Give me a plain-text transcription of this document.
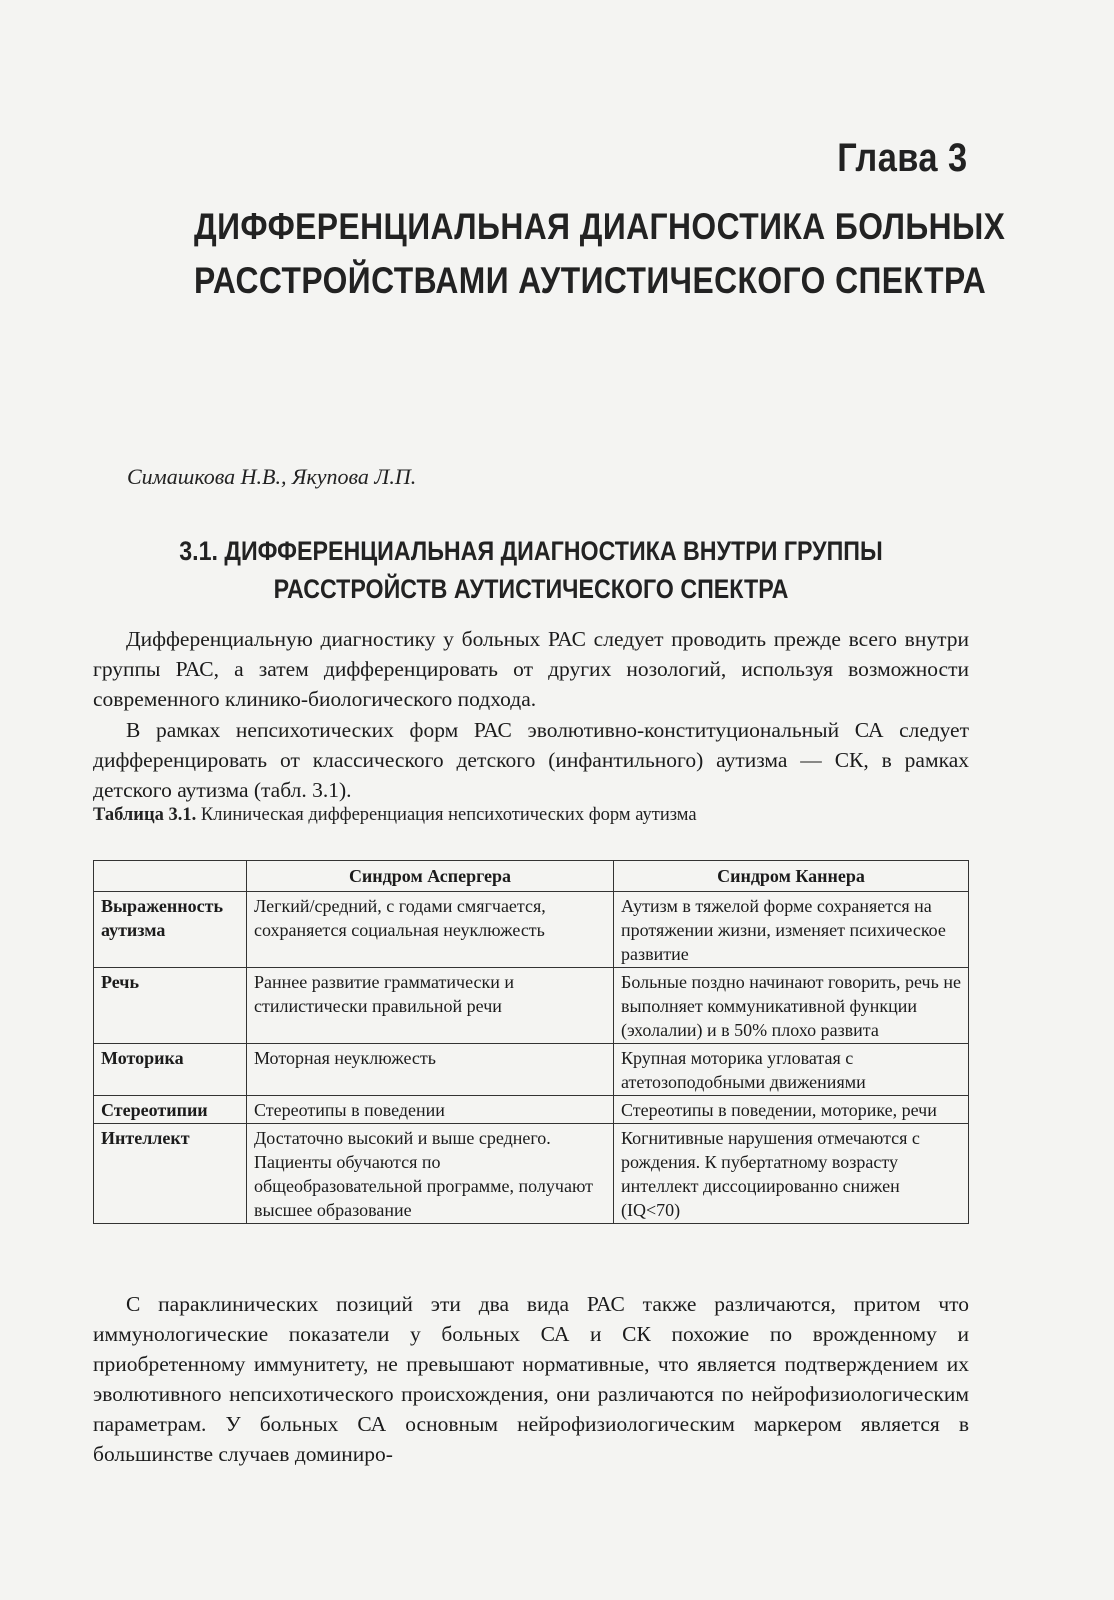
Глава 3
ДИФФЕРЕНЦИАЛЬНАЯ ДИАГНОСТИКА БОЛЬНЫХ
РАССТРОЙСТВАМИ АУТИСТИЧЕСКОГО СПЕКТРА
Симашкова Н.В., Якупова Л.П.
3.1. ДИФФЕРЕНЦИАЛЬНАЯ ДИАГНОСТИКА ВНУТРИ ГРУППЫ
РАССТРОЙСТВ АУТИСТИЧЕСКОГО СПЕКТРА

Дифференциальную диагностику у больных РАС следует проводить прежде всего внутри группы РАС, а затем дифференцировать от других нозологий, используя возможности современного клинико-биологического подхода.

В рамках непсихотических форм РАС эволютивно-конституциональный СА следует дифференцировать от классического детского (инфантильного) аутизма — СК, в рамках детского аутизма (табл. 3.1).

Таблица 3.1. Клиническая дифференциация непсихотических форм аутизма
	Синдром Аспергера	Синдром Каннера
Выраженность аутизма	Легкий/средний, с годами смягчается, сохраняется социальная неуклюжесть	Аутизм в тяжелой форме сохраняется на протяжении жизни, изменяет психическое развитие
Речь	Раннее развитие грамматически и стилистически правильной речи	Больные поздно начинают говорить, речь не выполняет коммуникативной функции (эхолалии) и в 50% плохо развита
Моторика	Моторная неуклюжесть	Крупная моторика угловатая с атетозоподобными движениями
Стереотипии	Стереотипы в поведении	Стереотипы в поведении, моторике, речи
Интеллект	Достаточно высокий и выше среднего. Пациенты обучаются по общеобразовательной программе, получают высшее образование	Когнитивные нарушения отмечаются с рождения. К пубертатному возрасту интеллект диссоциированно снижен (IQ<70)

С параклинических позиций эти два вида РАС также различаются, притом что иммунологические показатели у больных СА и СК похожие по врожденному и приобретенному иммунитету, не превышают нормативные, что является подтверждением их эволютивного непсихотического происхождения, они различаются по нейрофизиологическим параметрам. У больных СА основным нейрофизиологическим маркером является в большинстве случаев доминиро-
